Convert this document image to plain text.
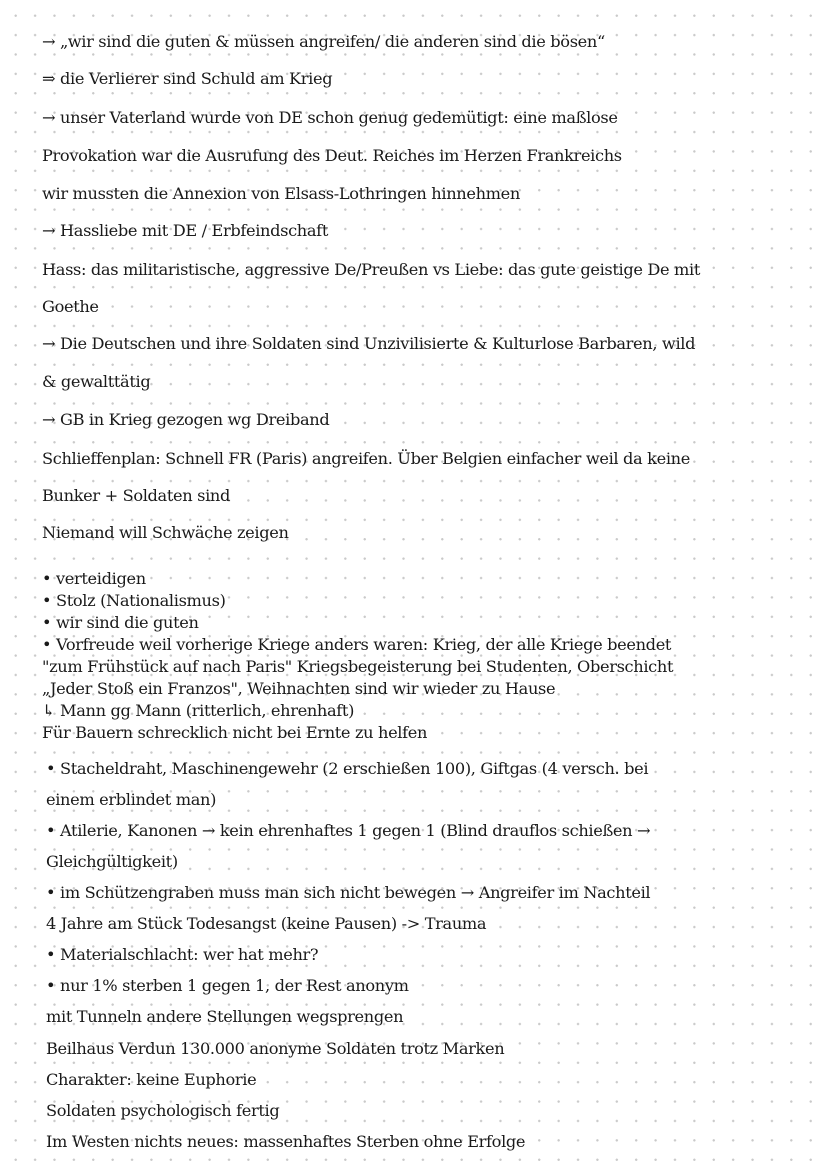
→ „wir sind die guten & müssen angreifen/ die anderen sind die bösen“
⇒ die Verlierer sind Schuld am Krieg
→ unser Vaterland wurde von DE schon genug gedemütigt: eine maßlose
Provokation war die Ausrufung des Deut. Reiches im Herzen Frankreichs
wir mussten die Annexion von Elsass-Lothringen hinnehmen
→ Hassliebe mit DE / Erbfeindschaft
Hass: das militaristische, aggressive De/Preußen vs Liebe: das gute geistige De mit
Goethe
→ Die Deutschen und ihre Soldaten sind Unzivilisierte & Kulturlose Barbaren, wild
& gewalttätig
→ GB in Krieg gezogen wg Dreiband
Schlieffenplan: Schnell FR (Paris) angreifen. Über Belgien einfacher weil da keine
Bunker + Soldaten sind
Niemand will Schwäche zeigen
• verteidigen
• Stolz (Nationalismus)
• wir sind die guten
• Vorfreude weil vorherige Kriege anders waren: Krieg, der alle Kriege beendet
"zum Frühstück auf nach Paris" Kriegsbegeisterung bei Studenten, Oberschicht
„Jeder Stoß ein Franzos", Weihnachten sind wir wieder zu Hause
↳ Mann gg Mann (ritterlich, ehrenhaft)
Für Bauern schrecklich nicht bei Ernte zu helfen
• Stacheldraht, Maschinengewehr (2 erschießen 100), Giftgas (4 versch. bei
einem erblindet man)
• Atilerie, Kanonen → kein ehrenhaftes 1 gegen 1 (Blind drauflos schießen →
Gleichgültigkeit)
• im Schützengraben muss man sich nicht bewegen → Angreifer im Nachteil
4 Jahre am Stück Todesangst (keine Pausen) -> Trauma
• Materialschlacht: wer hat mehr?
• nur 1% sterben 1 gegen 1, der Rest anonym
mit Tunneln andere Stellungen wegsprengen
Beilhaus Verdun 130.000 anonyme Soldaten trotz Marken
Charakter: keine Euphorie
Soldaten psychologisch fertig
Im Westen nichts neues: massenhaftes Sterben ohne Erfolge
